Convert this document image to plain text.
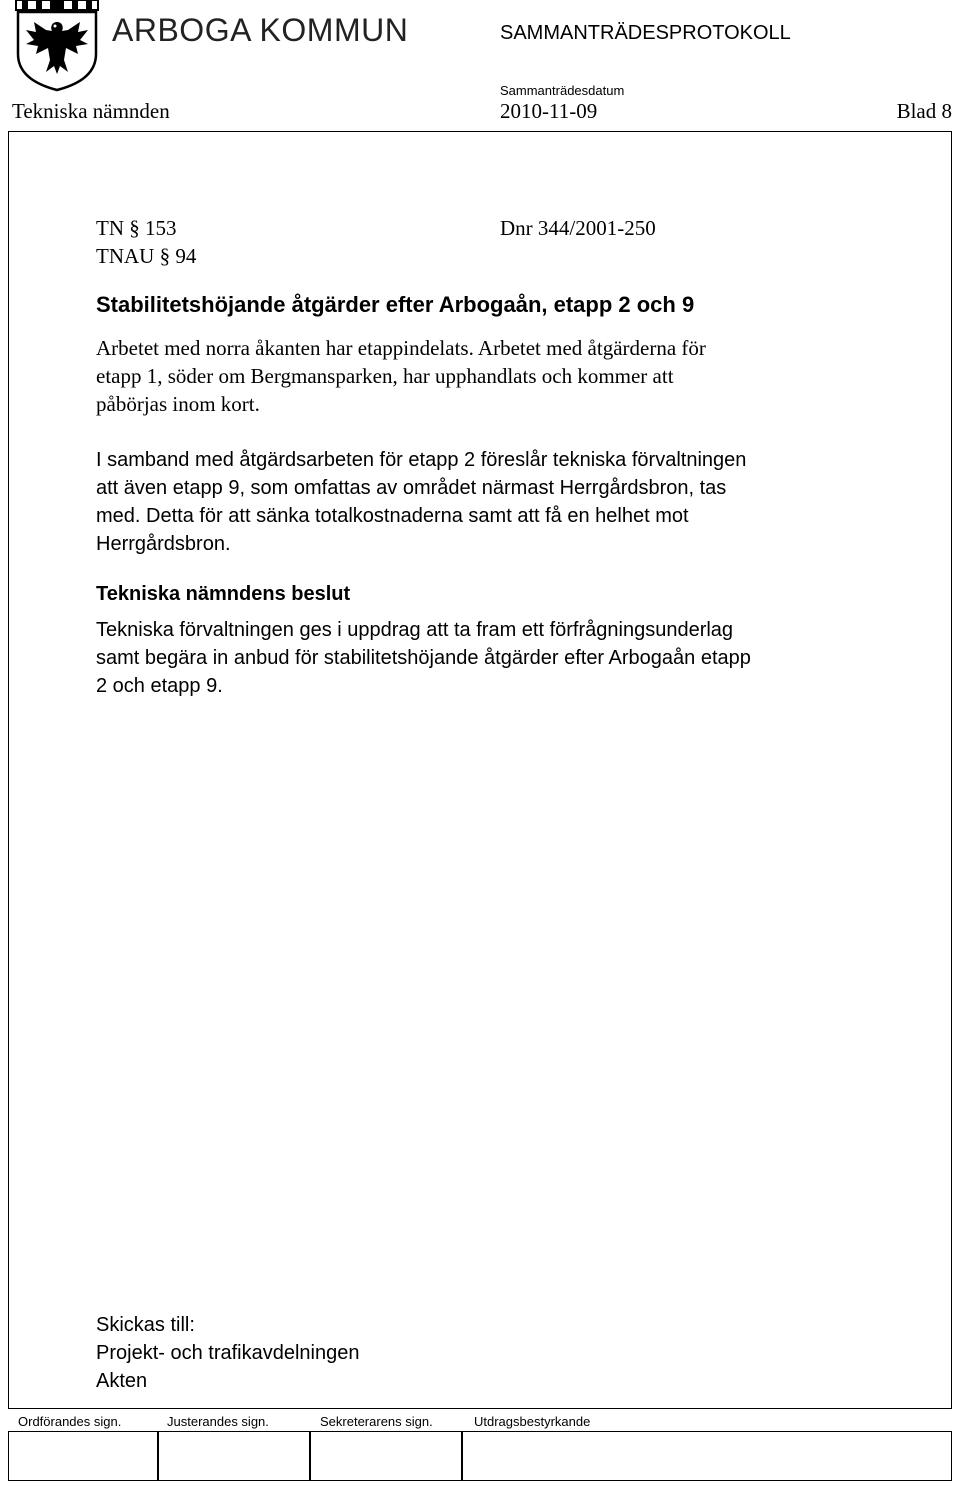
ARBOGA KOMMUN	SAMMANTRÄDESPROTOKOLL
Sammanträdesdatum
Tekniska nämnden	2010-11-09	Blad 8
TN § 153
TNAU § 94
Dnr 344/2001-250
Stabilitetshöjande åtgärder efter Arbogaån, etapp 2 och 9
Arbetet med norra åkanten har etappindelats. Arbetet med åtgärderna för
etapp 1, söder om Bergmansparken, har upphandlats och kommer att
påbörjas inom kort.
I samband med åtgärdsarbeten för etapp 2 föreslår tekniska förvaltningen
att även etapp 9, som omfattas av området närmast Herrgårdsbron, tas
med. Detta för att sänka totalkostnaderna samt att få en helhet mot
Herrgårdsbron.
Tekniska nämndens beslut
Tekniska förvaltningen ges i uppdrag att ta fram ett förfrågningsunderlag
samt begära in anbud för stabilitetshöjande åtgärder efter Arbogaån etapp
2 och etapp 9.
Skickas till:
Projekt- och trafikavdelningen
Akten
Ordförandes sign.	Justerandes sign.	Sekreterarens sign.	Utdragsbestyrkande
